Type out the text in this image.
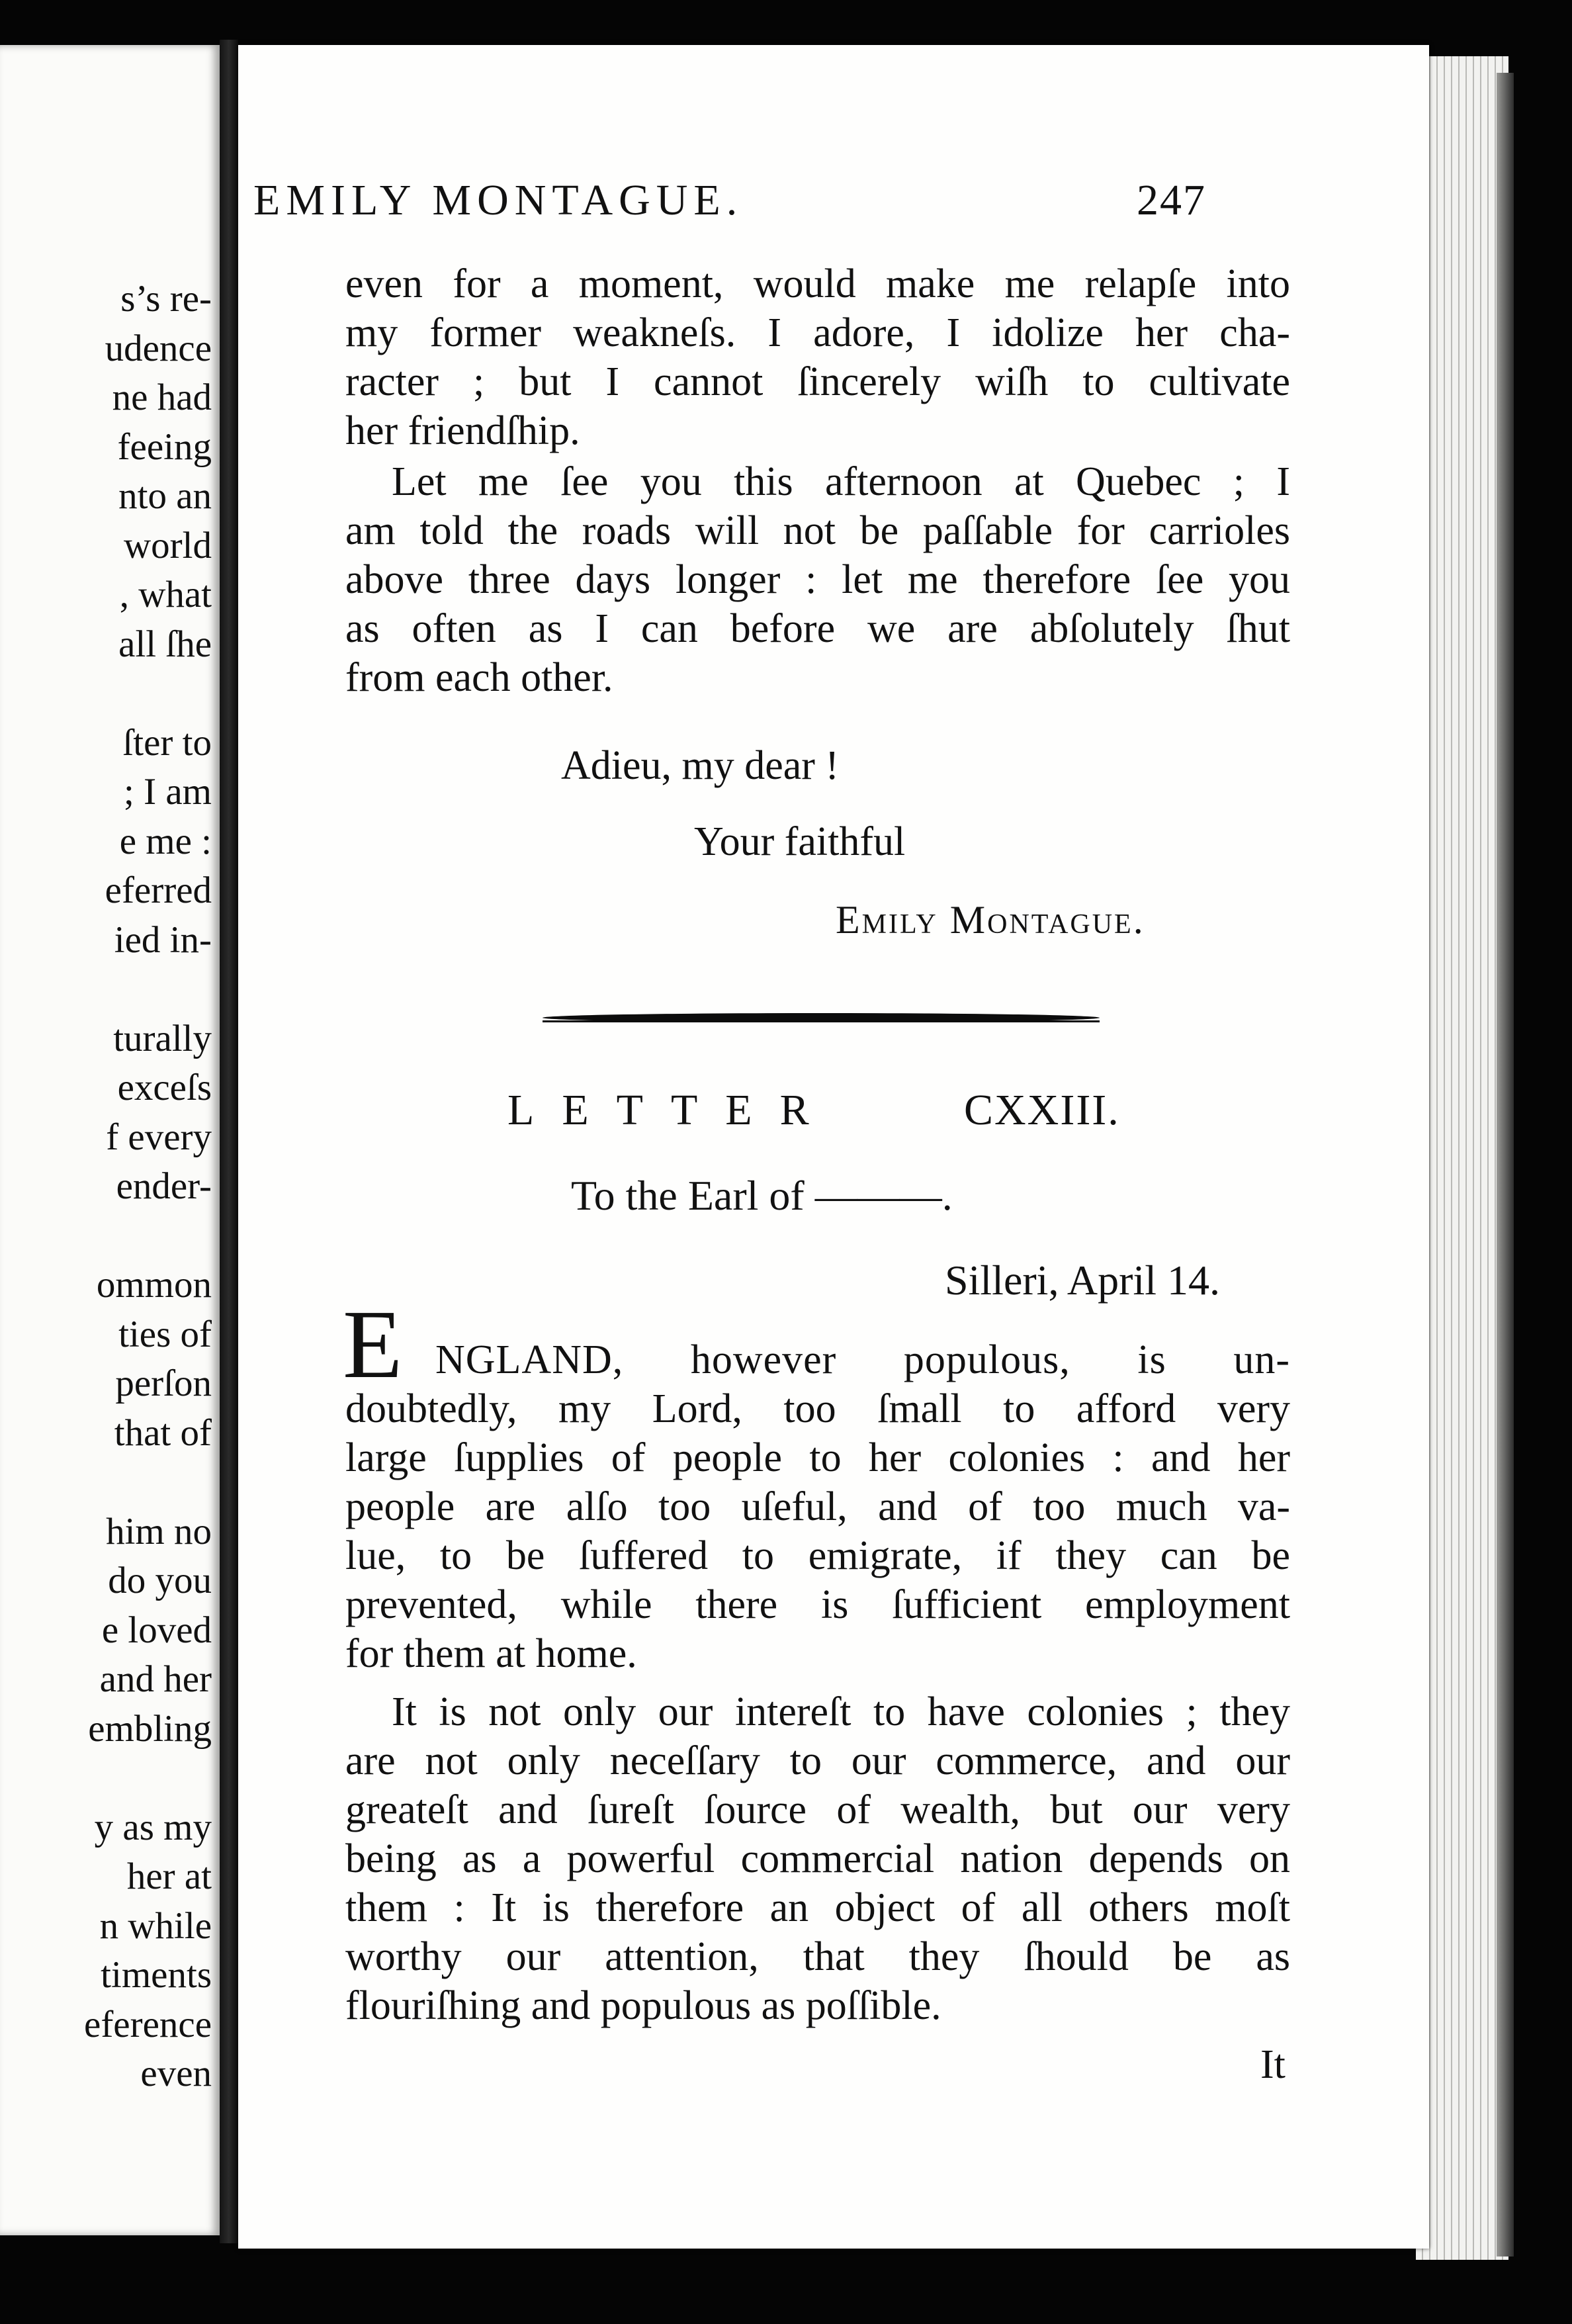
s’s re-
udence
ne had
feeing
nto an
world
, what
all ſhe
ſter to
; I am
e me :
eferred
ied in-
turally
exceſs
f every
ender-
ommon
ties of
perſon
that of
him no
do you
e loved
and her
embling
y as my
her at
n while
timents
eference
even
EMILY MONTAGUE.	247
even for a moment, would make me relapſe into
my former weakneſs. I adore, I idolize her cha-
racter ; but I cannot ſincerely wiſh to cultivate
her friendſhip.
Let me ſee you this afternoon at Quebec ; I
am told the roads will not be paſſable for carrioles
above three days longer : let me therefore ſee you
as often as I can before we are abſolutely ſhut
from each other.
Adieu, my dear !
Your faithful
Emily Montague.
LETTER	CXXIII.
To the Earl of ———.
Silleri, April 14.
E NGLAND, however populous, is un-
doubtedly, my Lord, too ſmall to afford very
large ſupplies of people to her colonies : and her
people are alſo too uſeful, and of too much va-
lue, to be ſuffered to emigrate, if they can be
prevented, while there is ſufficient employment
for them at home.
It is not only our intereſt to have colonies ; they
are not only neceſſary to our commerce, and our
greateſt and ſureſt ſource of wealth, but our very
being as a powerful commercial nation depends on
them : It is therefore an object of all others moſt
worthy our attention, that they ſhould be as
flouriſhing and populous as poſſible.
It
